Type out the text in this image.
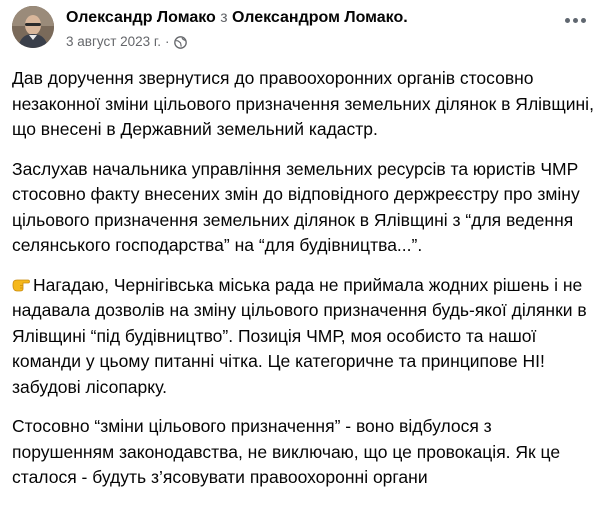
Олександр Ломако з Олександром Ломако.
3 август 2023 г. ·

Дав доручення звернутися до правоохоронних органів стосовно незаконної зміни цільового призначення земельних ділянок в Ялівщині, що внесені в Державний земельний кадастр.

Заслухав начальника управління земельних ресурсів та юристів ЧМР стосовно факту внесених змін до відповідного держреєстру про зміну цільового призначення земельних ділянок в Ялівщині з “для ведення селянського господарства” на “для будівництва...”.

Нагадаю, Чернігівська міська рада не приймала жодних рішень і не надавала дозволів на зміну цільового призначення будь-якої ділянки в Ялівщині “під будівництво”. Позиція ЧМР, моя особисто та нашої команди у цьому питанні чітка. Це категоричне та принципове НІ! забудові лісопарку.

Стосовно “зміни цільового призначення” - воно відбулося з порушенням законодавства, не виключаю, що це провокація. Як це сталося - будуть з’ясовувати правоохоронні органи
